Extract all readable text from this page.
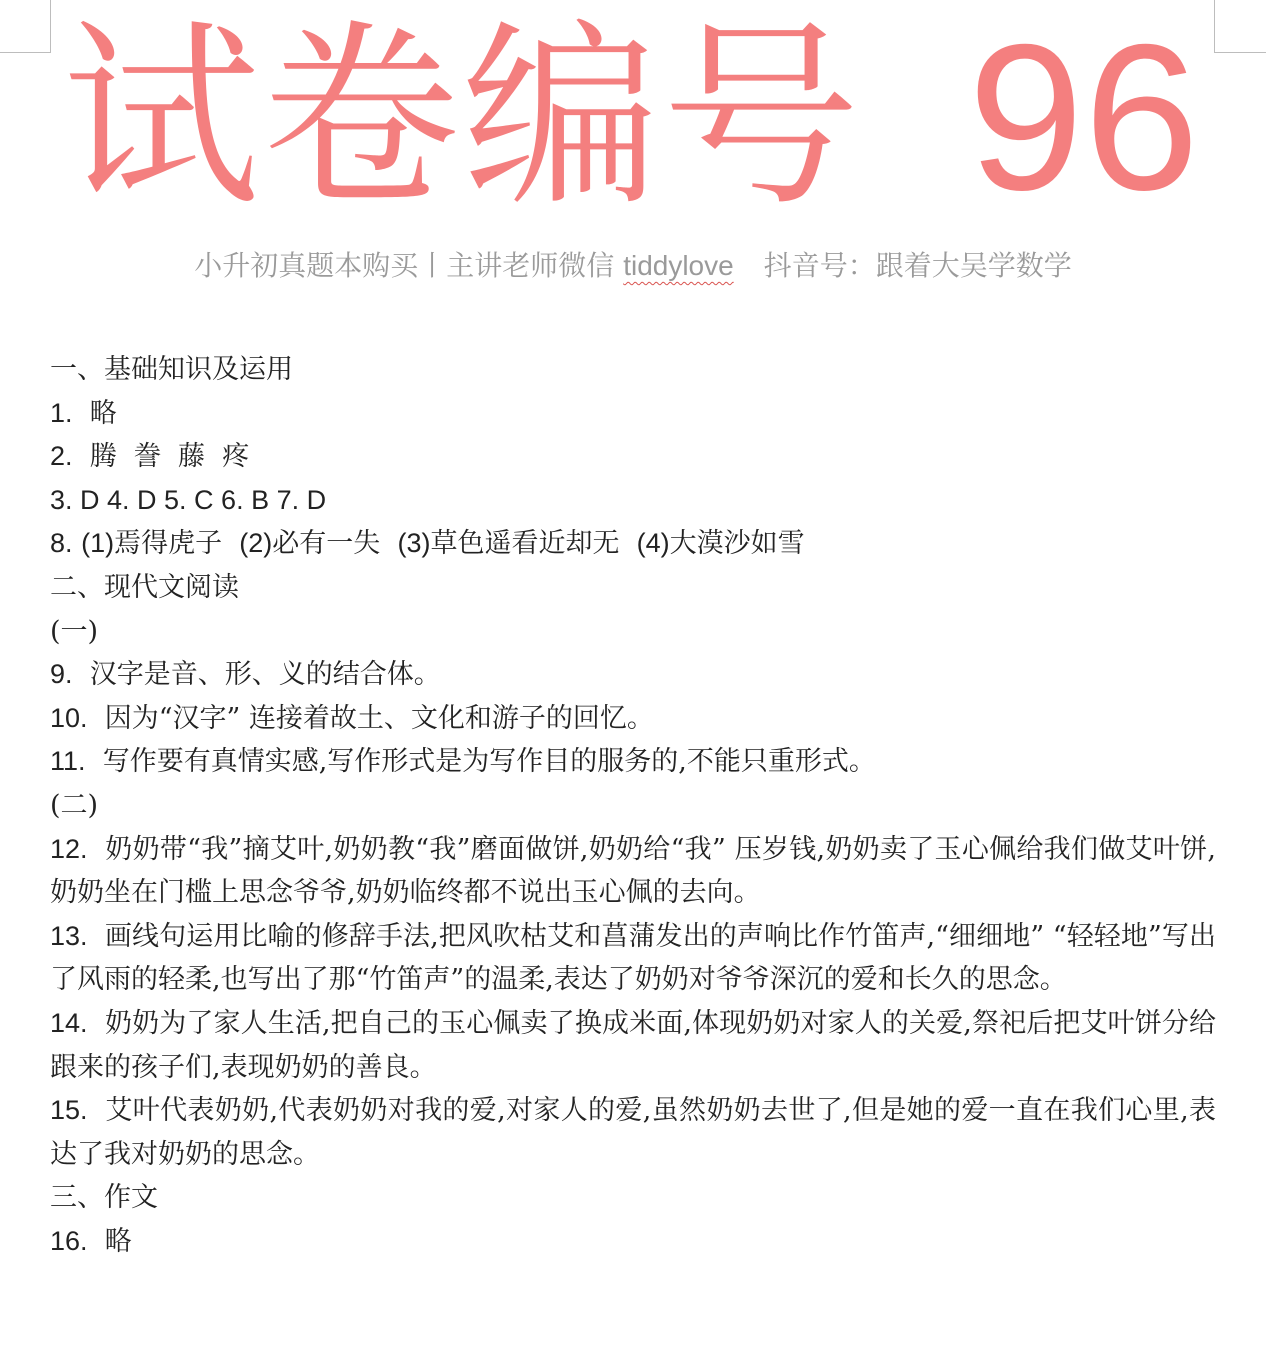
试卷编号 96
小升初真题本购买丨主讲老师微信 tiddylove 抖音号：跟着大吴学数学
一、基础知识及运用
1. 略
2. 腾  誊  藤  疼
3. D 4. D 5. C 6. B 7. D
8. (1)焉得虎子 (2)必有一失 (3)草色遥看近却无 (4)大漠沙如雪
二、现代文阅读
(一)
9. 汉字是音、形、义的结合体。
10. 因为“汉字” 连接着故土、文化和游子的回忆。
11. 写作要有真情实感,写作形式是为写作目的服务的,不能只重形式。
(二)
12. 奶奶带“我”摘艾叶,奶奶教“我”磨面做饼,奶奶给“我” 压岁钱,奶奶卖了玉心佩给我们做艾叶饼,奶奶坐在门槛上思念爷爷,奶奶临终都不说出玉心佩的去向。
13. 画线句运用比喻的修辞手法,把风吹枯艾和菖蒲发出的声响比作竹笛声,“细细地” “轻轻地”写出了风雨的轻柔,也写出了那“竹笛声”的温柔,表达了奶奶对爷爷深沉的爱和长久的思念。
14. 奶奶为了家人生活,把自己的玉心佩卖了换成米面,体现奶奶对家人的关爱,祭祀后把艾叶饼分给跟来的孩子们,表现奶奶的善良。
15. 艾叶代表奶奶,代表奶奶对我的爱,对家人的爱,虽然奶奶去世了,但是她的爱一直在我们心里,表达了我对奶奶的思念。
三、作文
16. 略
